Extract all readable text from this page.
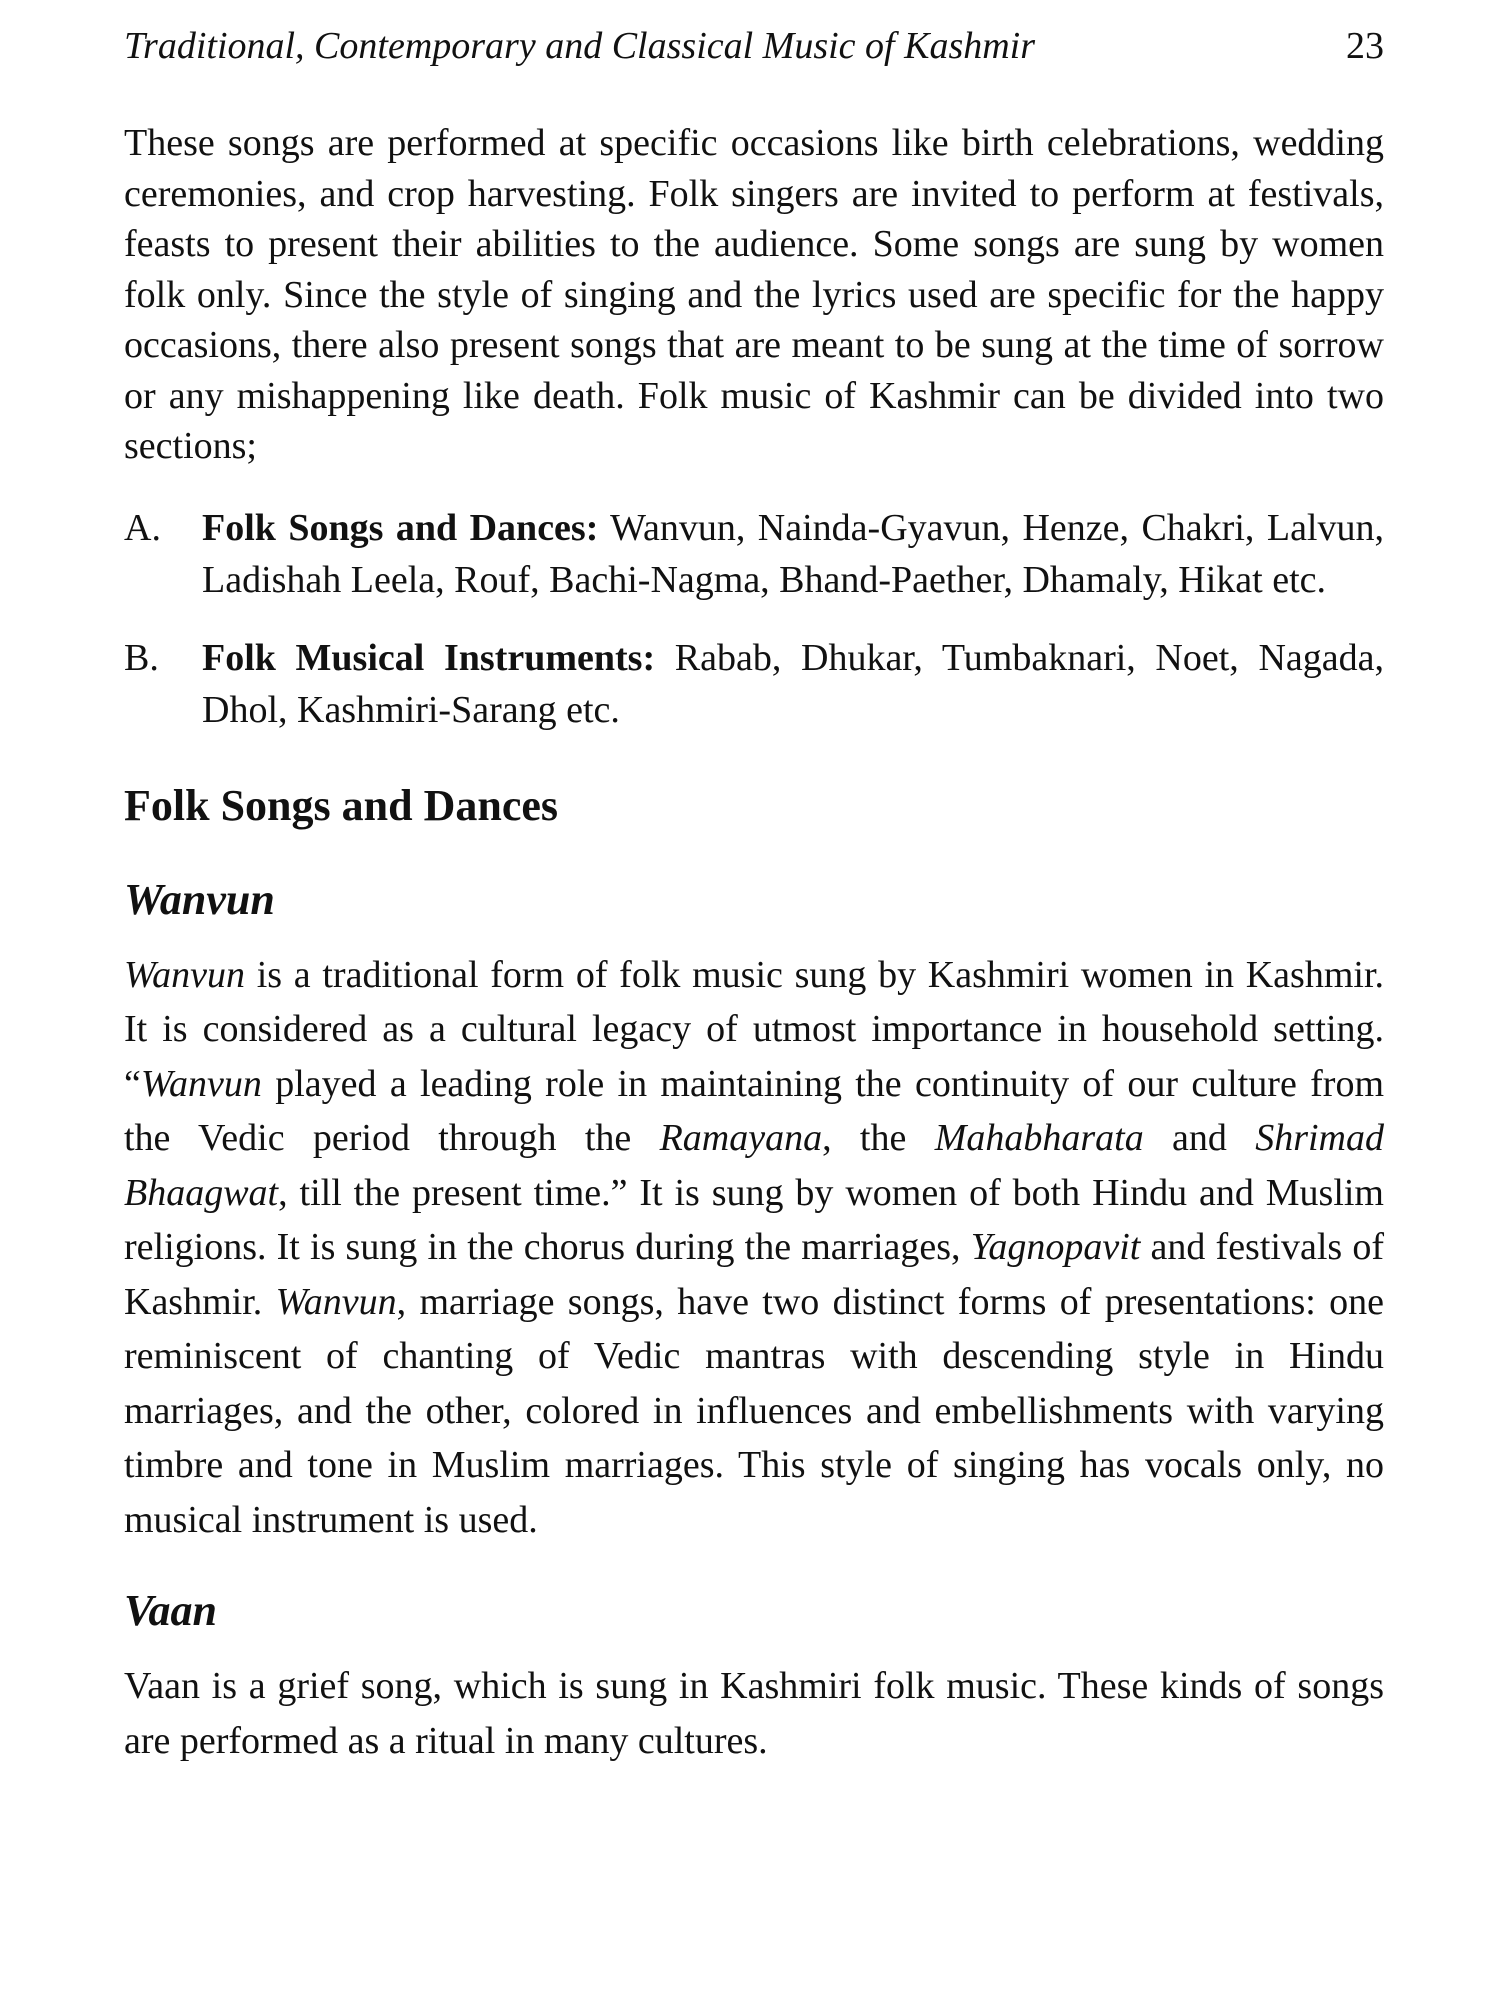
Traditional, Contemporary and Classical Music of Kashmir	23

These songs are performed at specific occasions like birth celebrations, wedding ceremonies, and crop harvesting. Folk singers are invited to perform at festivals, feasts to present their abilities to the audience. Some songs are sung by women folk only. Since the style of singing and the lyrics used are specific for the happy occasions, there also present songs that are meant to be sung at the time of sorrow or any mishappening like death. Folk music of Kashmir can be divided into two sections;

A. Folk Songs and Dances: Wanvun, Nainda-Gyavun, Henze, Chakri, Lalvun, Ladishah Leela, Rouf, Bachi-Nagma, Bhand-Paether, Dhamaly, Hikat etc.
B. Folk Musical Instruments: Rabab, Dhukar, Tumbaknari, Noet, Nagada, Dhol, Kashmiri-Sarang etc.
Folk Songs and Dances
Wanvun

Wanvun is a traditional form of folk music sung by Kashmiri women in Kashmir. It is considered as a cultural legacy of utmost importance in household setting. “Wanvun played a leading role in maintaining the continuity of our culture from the Vedic period through the Ramayana, the Mahabharata and Shrimad Bhaagwat, till the present time.” It is sung by women of both Hindu and Muslim religions. It is sung in the chorus during the marriages, Yagnopavit and festivals of Kashmir. Wanvun, marriage songs, have two distinct forms of presentations: one reminiscent of chanting of Vedic mantras with descending style in Hindu marriages, and the other, colored in influences and embellishments with varying timbre and tone in Muslim marriages. This style of singing has vocals only, no musical instrument is used.

Vaan

Vaan is a grief song, which is sung in Kashmiri folk music. These kinds of songs are performed as a ritual in many cultures.
